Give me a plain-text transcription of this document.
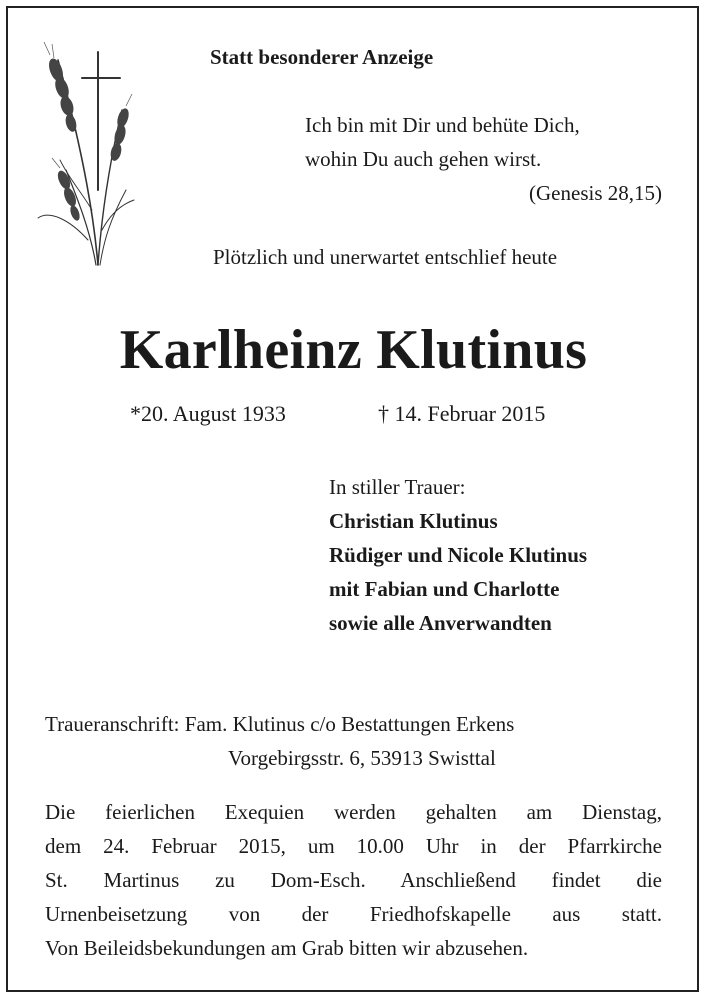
Statt besonderer Anzeige
Ich bin mit Dir und behüte Dich,
wohin Du auch gehen wirst.
(Genesis 28,15)
Plötzlich und unerwartet entschlief heute
Karlheinz Klutinus
*20. August 1933	† 14. Februar 2015
In stiller Trauer:
Christian Klutinus
Rüdiger und Nicole Klutinus
mit Fabian und Charlotte
sowie alle Anverwandten
Traueranschrift: Fam. Klutinus c/o Bestattungen Erkens
Vorgebirgsstr. 6, 53913 Swisttal
Die feierlichen Exequien werden gehalten am Dienstag,
dem 24. Februar 2015, um 10.00 Uhr in der Pfarrkirche
St. Martinus zu Dom-Esch. Anschließend findet die
Urnenbeisetzung von der Friedhofskapelle aus statt.
Von Beileidsbekundungen am Grab bitten wir abzusehen.
